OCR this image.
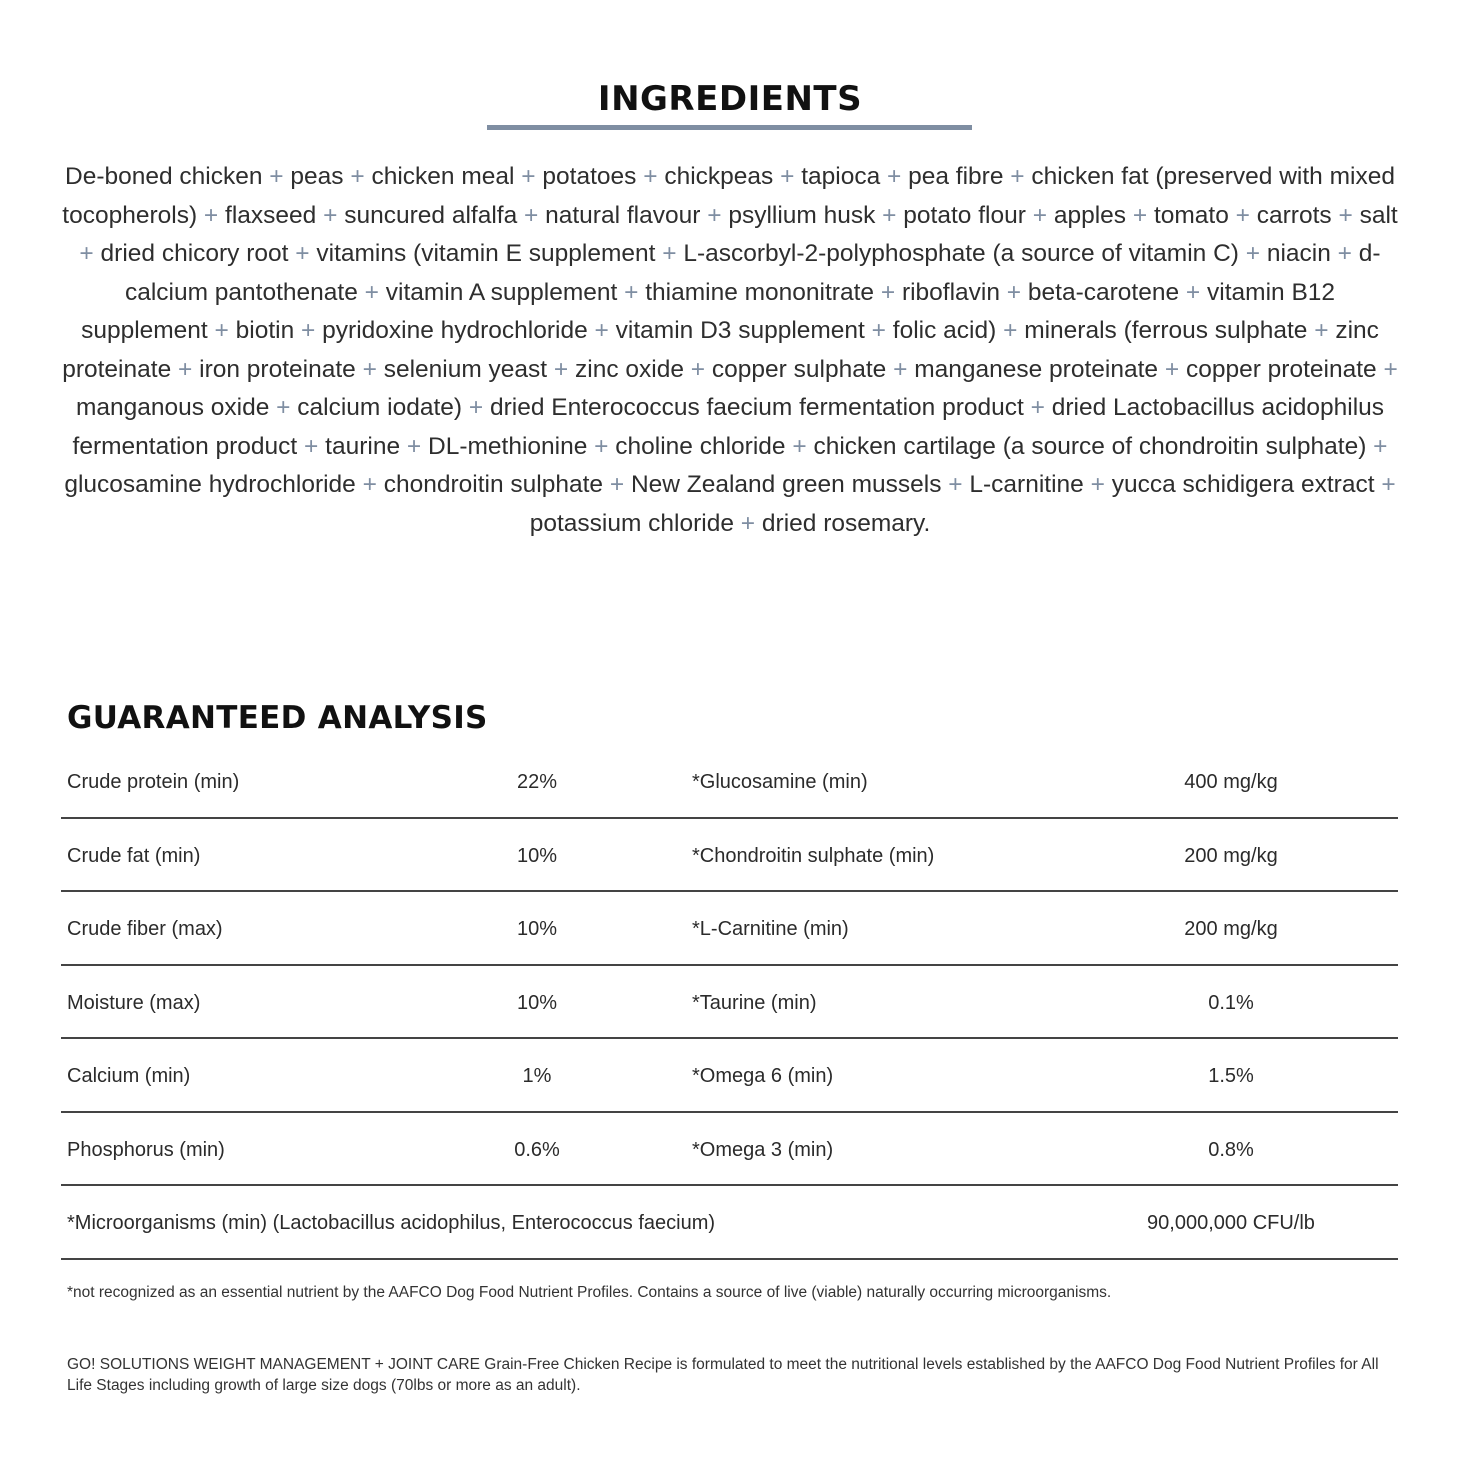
INGREDIENTS
De-boned chicken + peas + chicken meal + potatoes + chickpeas + tapioca + pea fibre + chicken fat (preserved with mixed tocopherols) + flaxseed + suncured alfalfa + natural flavour + psyllium husk + potato flour + apples + tomato + carrots + salt + dried chicory root + vitamins (vitamin E supplement + L-ascorbyl-2-polyphosphate (a source of vitamin C) + niacin + d-calcium pantothenate + vitamin A supplement + thiamine mononitrate + riboflavin + beta-carotene + vitamin B12 supplement + biotin + pyridoxine hydrochloride + vitamin D3 supplement + folic acid) + minerals (ferrous sulphate + zinc proteinate + iron proteinate + selenium yeast + zinc oxide + copper sulphate + manganese proteinate + copper proteinate + manganous oxide + calcium iodate) + dried Enterococcus faecium fermentation product + dried Lactobacillus acidophilus fermentation product + taurine + DL-methionine + choline chloride + chicken cartilage (a source of chondroitin sulphate) + glucosamine hydrochloride + chondroitin sulphate + New Zealand green mussels + L-carnitine + yucca schidigera extract + potassium chloride + dried rosemary.
GUARANTEED ANALYSIS
Crude protein (min)	22%	*Glucosamine (min)	400 mg/kg
Crude fat (min)	10%	*Chondroitin sulphate (min)	200 mg/kg
Crude fiber (max)	10%	*L-Carnitine (min)	200 mg/kg
Moisture (max)	10%	*Taurine (min)	0.1%
Calcium (min)	1%	*Omega 6 (min)	1.5%
Phosphorus (min)	0.6%	*Omega 3 (min)	0.8%
*Microorganisms (min) (Lactobacillus acidophilus, Enterococcus faecium)	90,000,000 CFU/lb

*not recognized as an essential nutrient by the AAFCO Dog Food Nutrient Profiles. Contains a source of live (viable) naturally occurring microorganisms.

GO! SOLUTIONS WEIGHT MANAGEMENT + JOINT CARE Grain-Free Chicken Recipe is formulated to meet the nutritional levels established by the AAFCO Dog Food Nutrient Profiles for All Life Stages including growth of large size dogs (70lbs or more as an adult).
